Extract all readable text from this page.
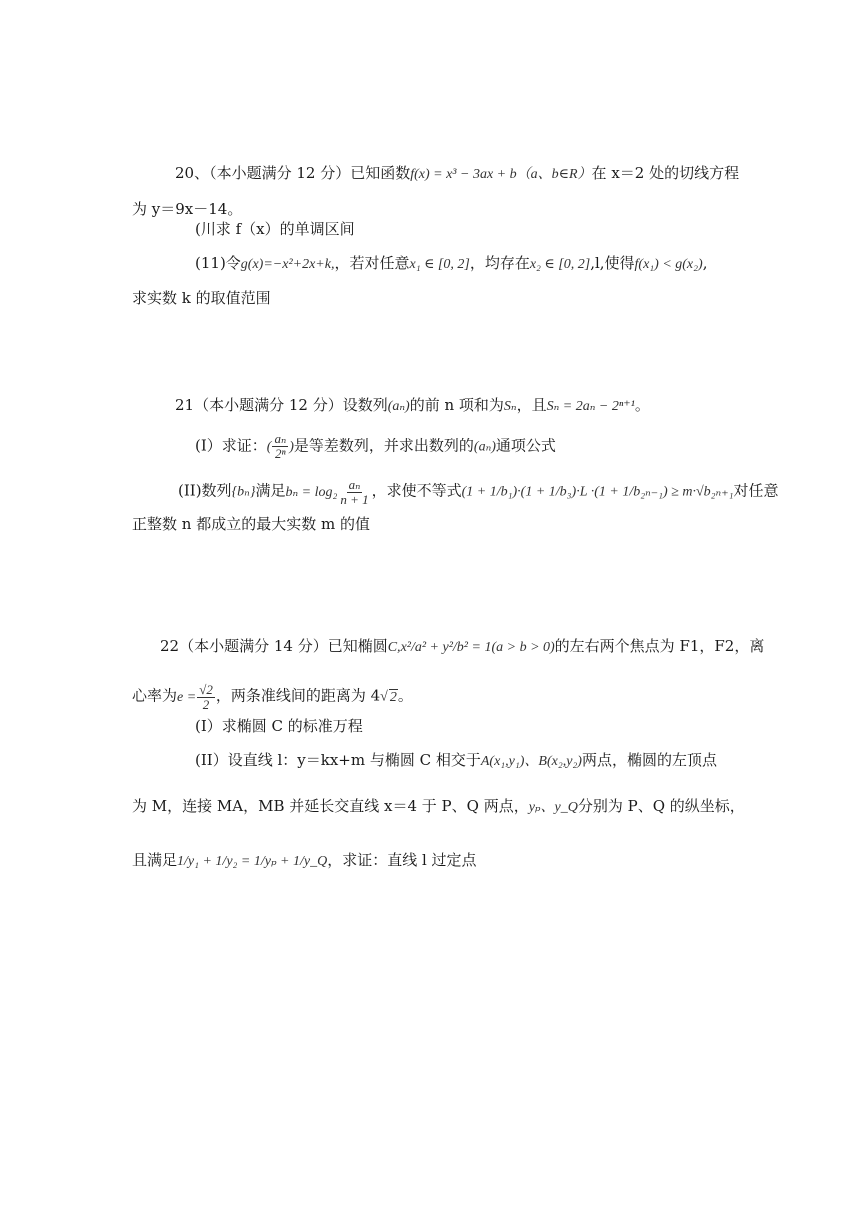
20、（本小题满分 12 分）已知函数f(x) = x³ − 3ax + b（a、b∈R）在 x＝2 处的切线方程
为 y＝9x－14。
(川求 f（x）的单调区间
(11)令g(x)=−x²+2x+k,，若对任意x₁ ∈ [0, 2]，均存在x₂ ∈ [0, 2],l,使得f(x₁) < g(x₂),
求实数 k 的取值范围
21（本小题满分 12 分）设数列(aₙ)的前 n 项和为Sₙ，且Sₙ = 2aₙ − 2ⁿ⁺¹。
(I）求证：( $\frac{\text{aₙ}}{\text{2ⁿ}}$ )是等差数列，并求出数列的(aₙ)通项公式
(II)数列{bₙ}满足$b_n = \log_2 \frac{\text{aₙ}}{n + 1}$ ，求使不等式(1 + 1/b₁)·(1 + 1/b₃)·L ·(1 + 1/b₂ₙ₋₁) ≥ m·√b₂ₙ₊₁对任意
正整数 n 都成立的最大实数 m 的值
22（本小题满分 14 分）已知椭圆C,x²/a² + y²/b² = 1(a > b > 0)的左右两个焦点为 F1，F2，离
心率为$e = \frac{√2}{2}$ ，两条准线间的距离为 4√ 2。
(I）求椭圆 C 的标准万程
(II）设直线 l：y＝kx+m 与椭圆 C 相交于A(x₁,y₁)、B(x₂,y₂)两点，椭圆的左顶点
为 M，连接 MA，MB 并延长交直线 x＝4 于 P、Q 两点，yₚ、y_Q分别为 P、Q 的纵坐标，
且满足1/y₁ + 1/y₂ = 1/yₚ + 1/y_Q，求证：直线 l 过定点
